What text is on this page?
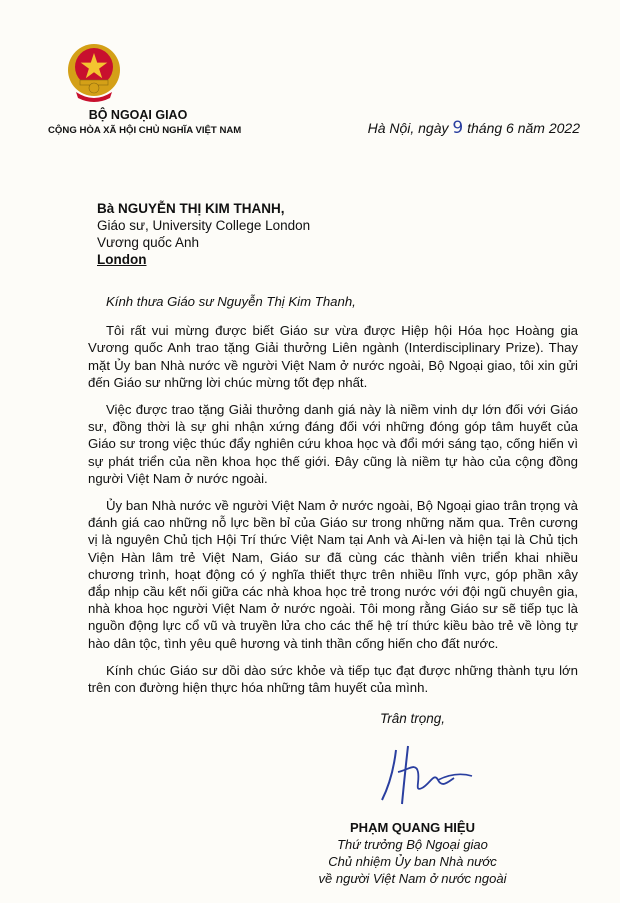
BỘ NGOẠI GIAO
CỘNG HÒA XÃ HỘI CHỦ NGHĨA VIỆT NAM	Hà Nội, ngày 9 tháng 6 năm 2022
Bà NGUYỄN THỊ KIM THANH,
Giáo sư, University College London
Vương quốc Anh
London

Kính thưa Giáo sư Nguyễn Thị Kim Thanh,

Tôi rất vui mừng được biết Giáo sư vừa được Hiệp hội Hóa học Hoàng gia Vương quốc Anh trao tặng Giải thưởng Liên ngành (Interdisciplinary Prize). Thay mặt Ủy ban Nhà nước về người Việt Nam ở nước ngoài, Bộ Ngoại giao, tôi xin gửi đến Giáo sư những lời chúc mừng tốt đẹp nhất.

Việc được trao tặng Giải thưởng danh giá này là niềm vinh dự lớn đối với Giáo sư, đồng thời là sự ghi nhận xứng đáng đối với những đóng góp tâm huyết của Giáo sư trong việc thúc đẩy nghiên cứu khoa học và đổi mới sáng tạo, cống hiến vì sự phát triển của nền khoa học thế giới. Đây cũng là niềm tự hào của cộng đồng người Việt Nam ở nước ngoài.

Ủy ban Nhà nước về người Việt Nam ở nước ngoài, Bộ Ngoại giao trân trọng và đánh giá cao những nỗ lực bền bỉ của Giáo sư trong những năm qua. Trên cương vị là nguyên Chủ tịch Hội Trí thức Việt Nam tại Anh và Ai-len và hiện tại là Chủ tịch Viện Hàn lâm trẻ Việt Nam, Giáo sư đã cùng các thành viên triển khai nhiều chương trình, hoạt động có ý nghĩa thiết thực trên nhiều lĩnh vực, góp phần xây đắp nhịp cầu kết nối giữa các nhà khoa học trẻ trong nước với đội ngũ chuyên gia, nhà khoa học người Việt Nam ở nước ngoài. Tôi mong rằng Giáo sư sẽ tiếp tục là nguồn động lực cổ vũ và truyền lửa cho các thế hệ trí thức kiều bào trẻ về lòng tự hào dân tộc, tình yêu quê hương và tinh thần cống hiến cho đất nước.

Kính chúc Giáo sư dồi dào sức khỏe và tiếp tục đạt được những thành tựu lớn trên con đường hiện thực hóa những tâm huyết của mình.

Trân trọng,
PHẠM QUANG HIỆU
Thứ trưởng Bộ Ngoại giao
Chủ nhiệm Ủy ban Nhà nước
về người Việt Nam ở nước ngoài
